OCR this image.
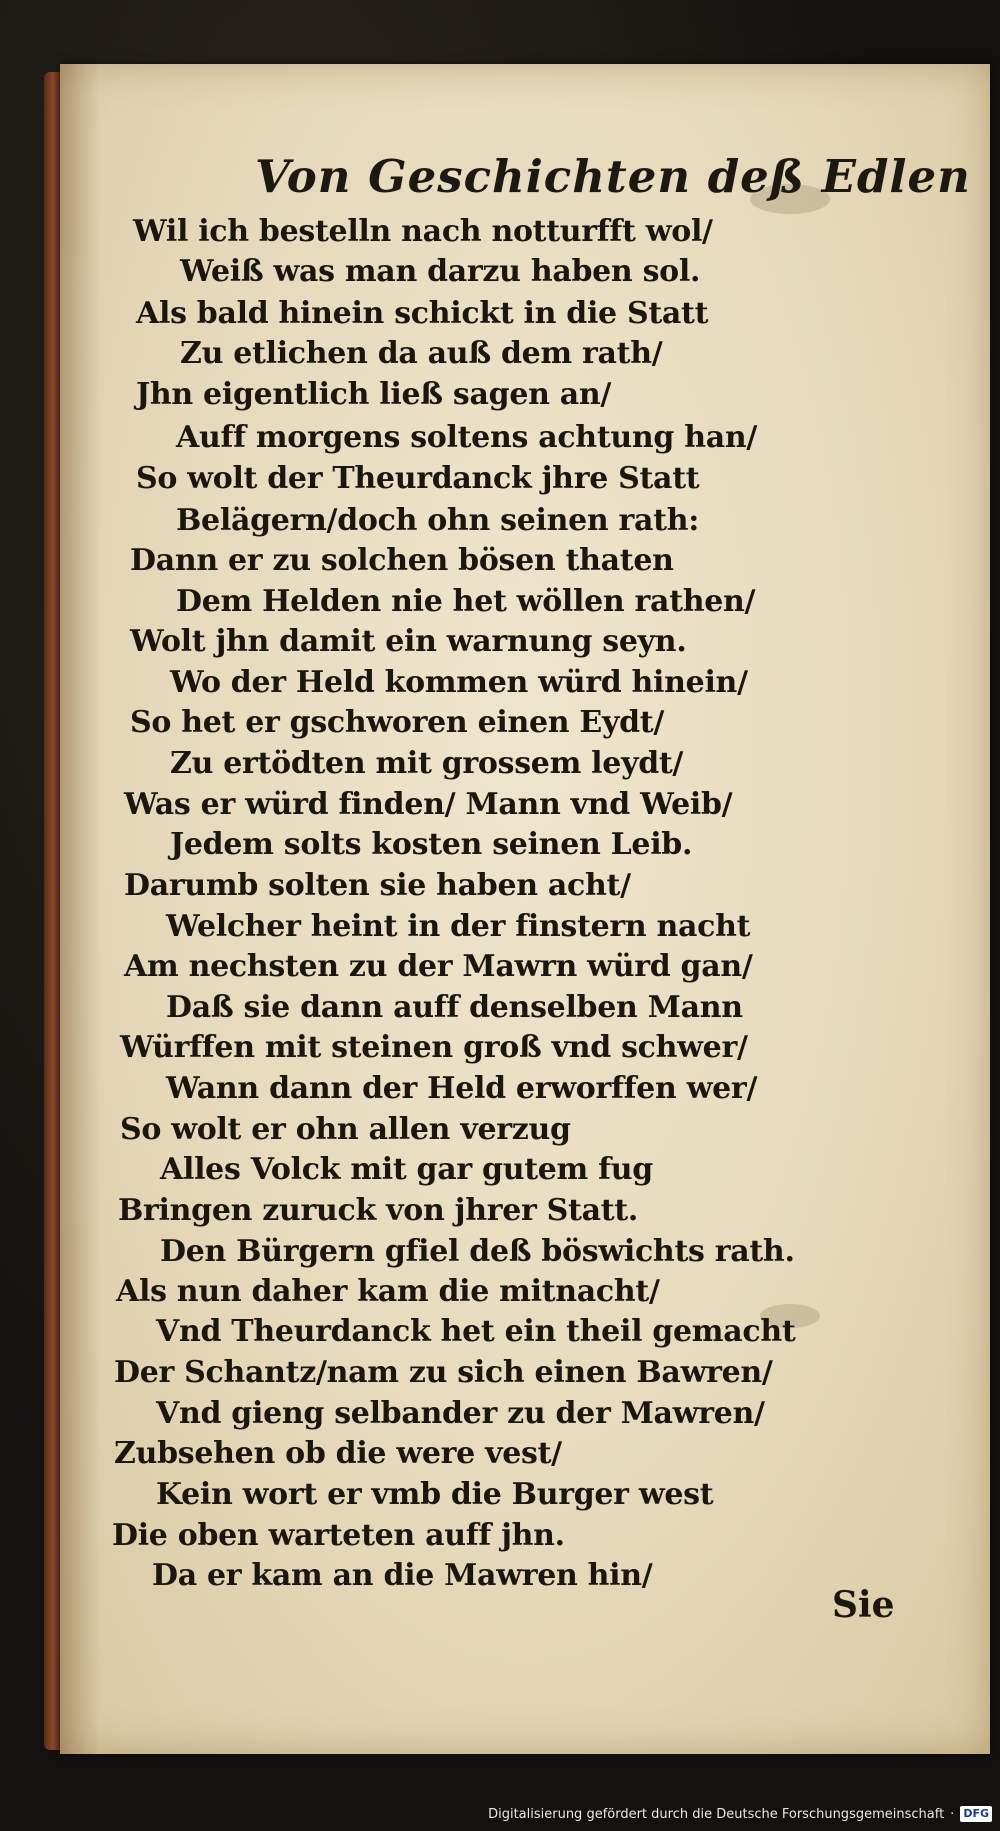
Von Geschichten deß Edlen
Wil ich bestelln nach notturfft wol/
Weiß was man darzu haben sol.
Als bald hinein schickt in die Statt
Zu etlichen da auß dem rath/
Jhn eigentlich ließ sagen an/
Auff morgens soltens achtung han/
So wolt der Theurdanck jhre Statt
Belägern/doch ohn seinen rath:
Dann er zu solchen bösen thaten
Dem Helden nie het wöllen rathen/
Wolt jhn damit ein warnung seyn.
Wo der Held kommen würd hinein/
So het er gschworen einen Eydt/
Zu ertödten mit grossem leydt/
Was er würd finden/ Mann vnd Weib/
Jedem solts kosten seinen Leib.
Darumb solten sie haben acht/
Welcher heint in der finstern nacht
Am nechsten zu der Mawrn würd gan/
Daß sie dann auff denselben Mann
Würffen mit steinen groß vnd schwer/
Wann dann der Held erworffen wer/
So wolt er ohn allen verzug
Alles Volck mit gar gutem fug
Bringen zuruck von jhrer Statt.
Den Bürgern gfiel deß böswichts rath.
Als nun daher kam die mitnacht/
Vnd Theurdanck het ein theil gemacht
Der Schantz/nam zu sich einen Bawren/
Vnd gieng selbander zu der Mawren/
Zubsehen ob die were vest/
Kein wort er vmb die Burger west
Die oben warteten auff jhn.
Da er kam an die Mawren hin/
Sie
Digitalisierung gefördert durch die Deutsche Forschungsgemeinschaft · DFG
